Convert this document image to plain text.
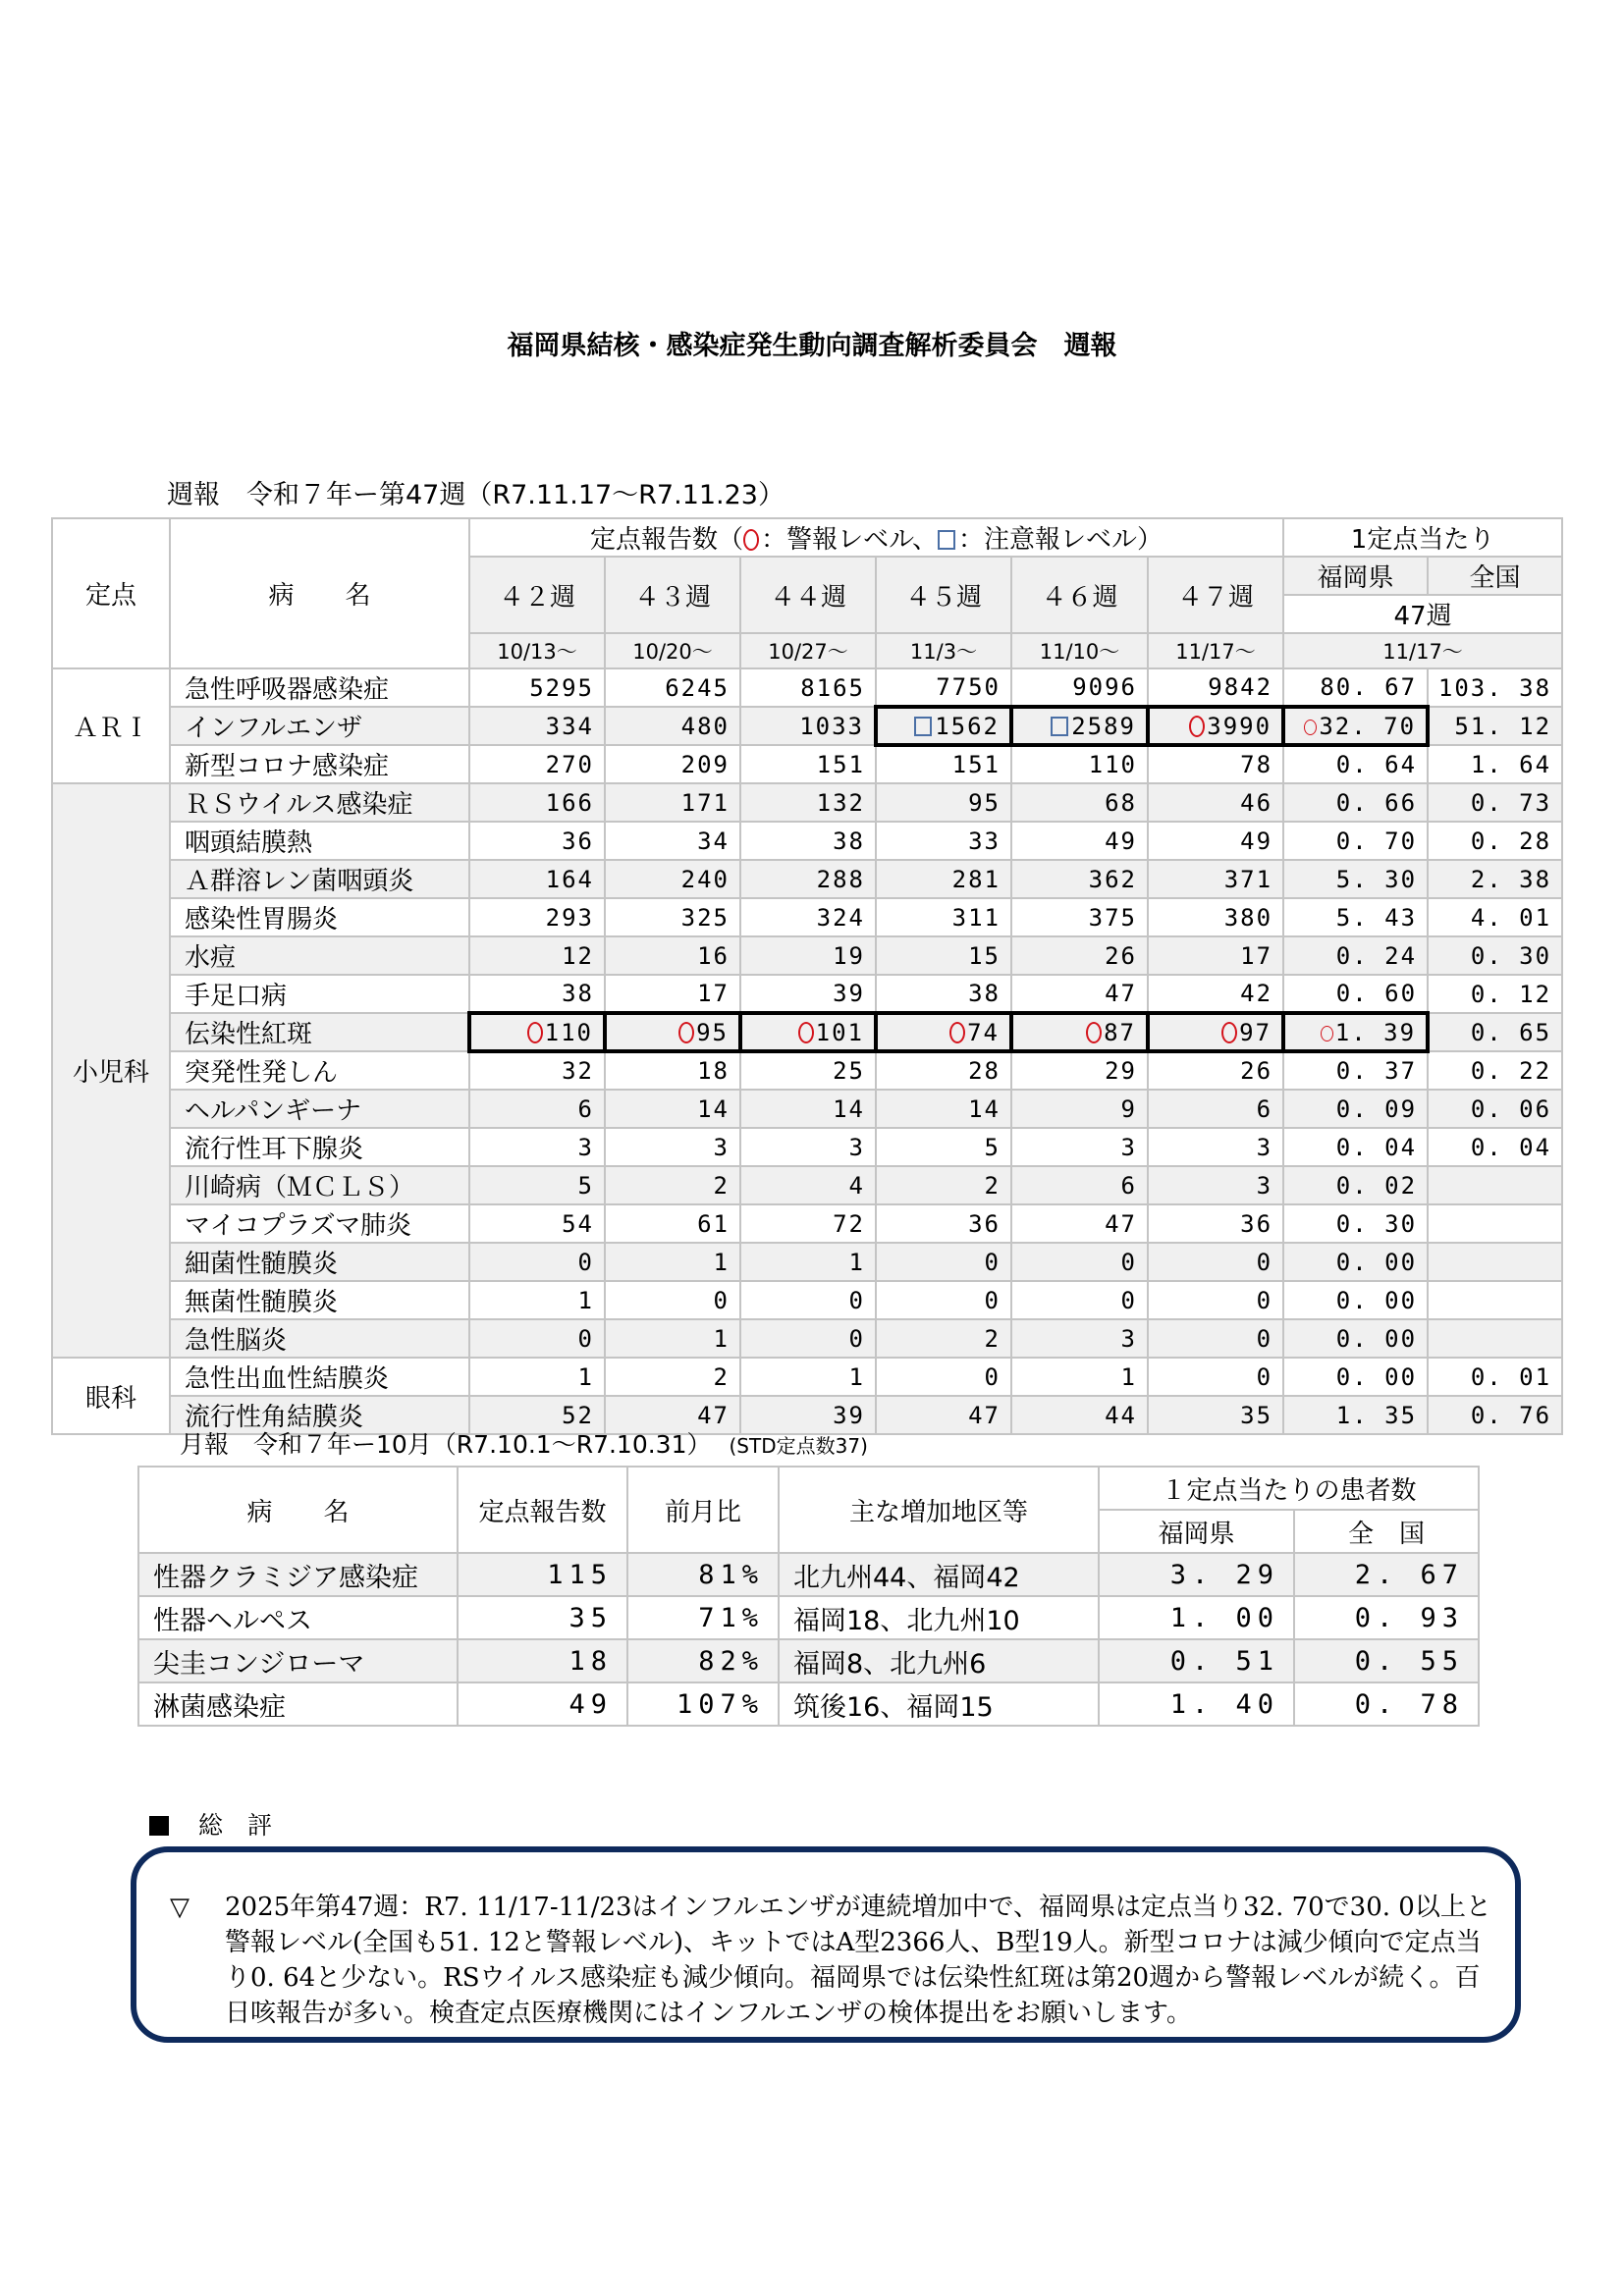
福岡県結核・感染症発生動向調査解析委員会　週報
週報　令和７年ー第47週（R7.11.17～R7.11.23）
定点	病　　名	定点報告数（ ：警報レベル、 ：注意報レベル）						1定点当たり	
		４２週	４３週	４４週	４５週	４６週	４７週	福岡県	全国
								47週	
		10/13～	10/20～	10/27～	11/3～	11/10～	11/17～	11/17～	
ＡＲＩ	急性呼吸器感染症	5295	6245	8165	7750	9096	9842	80. 67	103. 38
	インフルエンザ	334	480	1033	1562	2589	3990	32. 70	51. 12
	新型コロナ感染症	270	209	151	151	110	78	0. 64	1. 64
小児科	ＲＳウイルス感染症	166	171	132	95	68	46	0. 66	0. 73
	咽頭結膜熱	36	34	38	33	49	49	0. 70	0. 28
	Ａ群溶レン菌咽頭炎	164	240	288	281	362	371	5. 30	2. 38
	感染性胃腸炎	293	325	324	311	375	380	5. 43	4. 01
	水痘	12	16	19	15	26	17	0. 24	0. 30
	手足口病	38	17	39	38	47	42	0. 60	0. 12
	伝染性紅斑	110	95	101	74	87	97	1. 39	0. 65
	突発性発しん	32	18	25	28	29	26	0. 37	0. 22
	ヘルパンギーナ	6	14	14	14	9	6	0. 09	0. 06
	流行性耳下腺炎	3	3	3	5	3	3	0. 04	0. 04
	川崎病（ＭＣＬＳ）	5	2	4	2	6	3	0. 02	
	マイコプラズマ肺炎	54	61	72	36	47	36	0. 30	
	細菌性髄膜炎	0	1	1	0	0	0	0. 00	
	無菌性髄膜炎	1	0	0	0	0	0	0. 00	
	急性脳炎	0	1	0	2	3	0	0. 00	
眼科	急性出血性結膜炎	1	2	1	0	1	0	0. 00	0. 01
	流行性角結膜炎	52	47	39	47	44	35	1. 35	0. 76
月報　令和７年ー10月（R7.10.1～R7.10.31） (STD定点数37)
病　　名	定点報告数	前月比	主な増加地区等	１定点当たりの患者数	
				福岡県	全　国
性器クラミジア感染症	115	81%	北九州44、福岡42	3. 29	2. 67
性器ヘルペス	35	71%	福岡18、北九州10	1. 00	0. 93
尖圭コンジローマ	18	82%	福岡8、北九州6	0. 51	0. 55
淋菌感染症	49	107%	筑後16、福岡15	1. 40	0. 78
総　評
▽ 2025年第47週：R7. 11/17-11/23はインフルエンザが連続増加中で、福岡県は定点当り32. 70で30. 0以上と警報レベル(全国も51. 12と警報レベル)、キットではA型2366人、B型19人。新型コロナは減少傾向で定点当り0. 64と少ない。RSウイルス感染症も減少傾向。福岡県では伝染性紅斑は第20週から警報レベルが続く。百日咳報告が多い。検査定点医療機関にはインフルエンザの検体提出をお願いします。
